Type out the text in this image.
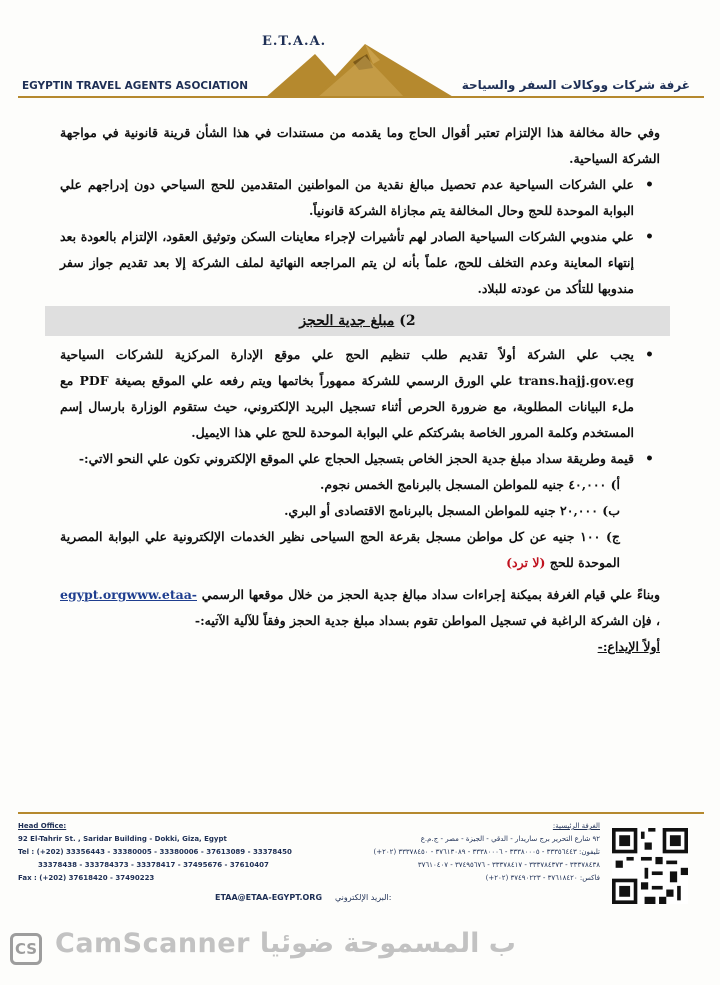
E.T.A.A.
EGYPTIN TRAVEL AGENTS ASOCIATION	غرفة شركات ووكالات السفر والسياحة

وفي حالة مخالفة هذا الإلتزام تعتبر أقوال الحاج وما يقدمه من مستندات في هذا الشأن قرينة قانونية في مواجهة الشركة السياحية.

• علي الشركات السياحية عدم تحصيل مبالغ نقدية من المواطنين المتقدمين للحج السياحي دون إدراجهم علي البوابة الموحدة للحج وحال المخالفة يتم مجازاة الشركة قانونياً.

• علي مندوبي الشركات السياحية الصادر لهم تأشيرات لإجراء معاينات السكن وتوثيق العقود، الإلتزام بالعودة بعد إنتهاء المعاينة وعدم التخلف للحج، علماً بأنه لن يتم المراجعه النهائية لملف الشركة إلا بعد تقديم جواز سفر مندوبها للتأكد من عودته للبلاد.

2) مبلغ جدية الحجز

• يجب علي الشركة أولاً تقديم طلب تنظيم الحج علي موقع الإدارة المركزية للشركات السياحية trans.hajj.gov.eg علي الورق الرسمي للشركة ممهوراً بخاتمها ويتم رفعه علي الموقع بصيغة PDF مع ملء البيانات المطلوبة، مع ضرورة الحرص أثناء تسجيل البريد الإلكتروني، حيث ستقوم الوزارة بارسال إسم المستخدم وكلمة المرور الخاصة بشركتكم علي البوابة الموحدة للحج علي هذا الايميل.

• قيمة وطريقة سداد مبلغ جدية الحجز الخاص بتسجيل الحجاج علي الموقع الإلكتروني تكون علي النحو الاتي:-

أ) ٤٠,٠٠٠ جنيه للمواطن المسجل بالبرنامج الخمس نجوم.

ب) ٢٠,٠٠٠ جنيه للمواطن المسجل بالبرنامج الاقتصادى أو البري.

ج) ١٠٠ جنيه عن كل مواطن مسجل بقرعة الحج السياحى نظير الخدمات الإلكترونية علي البوابة المصرية الموحدة للحج (لا ترد)

وبناءً علي قيام الغرفة بميكنة إجراءات سداد مبالغ جدية الحجز من خلال موقعها الرسمي www.etaa-egypt.org ، فإن الشركة الراغبة في تسجيل المواطن تقوم بسداد مبلغ جدية الحجز وفقاً للآلية الآتيه:-

أولاً الإيداع:-

Head Office:
92 El-Tahrir St. , Saridar Building - Dokki, Giza, Egypt
Tel : (+202) 33356443 - 33380005 - 33380006 - 37613089 - 33378450
33378438 - 333784373 - 33378417 - 37495676 - 37610407
Fax : (+202) 37618420 - 37490223
الغرفة الرئيسية:
٩٢ شارع التحرير برج ساريدار - الدقي - الجيزة - مصر - ج.م.ع
تليفون: ٣٣٣٥٦٤٤٣ - ٣٣٣٨٠٠٠٥ - ٣٣٣٨٠٠٠٦ - ٣٧٦١٣٠٨٩ - ٣٣٣٧٨٤٥٠ (٢٠٢+)
٣٣٣٧٨٤٣٨ - ٣٣٣٧٨٤٣٧٣ - ٣٣٣٧٨٤١٧ - ٣٧٤٩٥٦٧٦ - ٣٧٦١٠٤٠٧
فاكس: ٣٧٦١٨٤٢٠ - ٣٧٤٩٠٢٢٣ (٢٠٢+)
ETAA@ETAA-EGYPT.ORG البريد الإلكتروني:
CS CamScanner ب المسموحة ضوئيا
